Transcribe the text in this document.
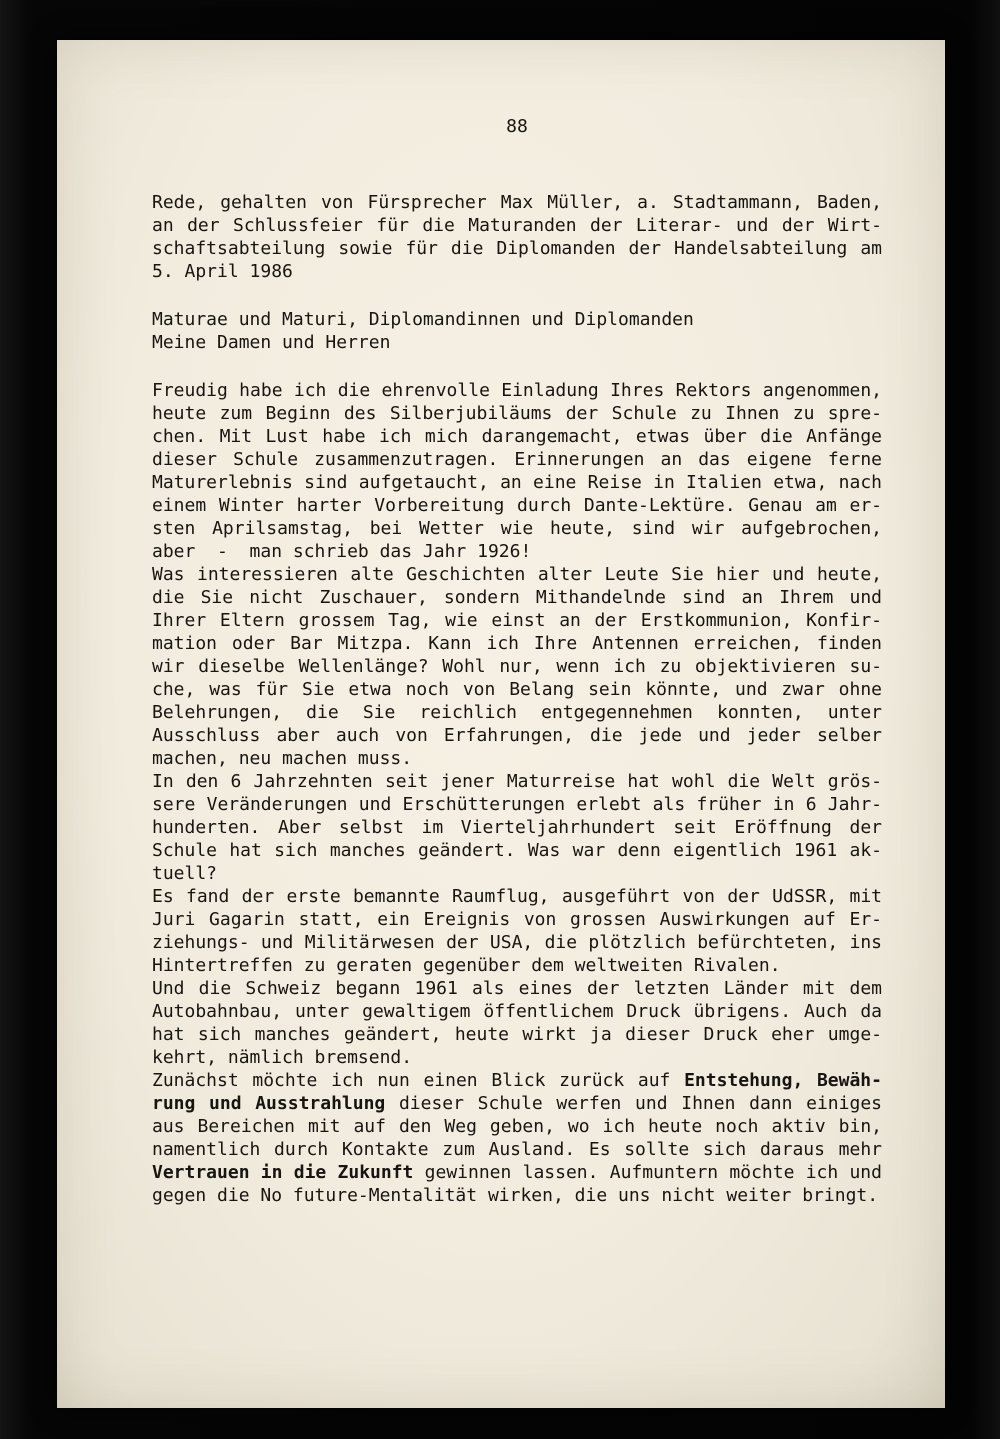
88
Rede, gehalten von Fürsprecher Max Müller, a. Stadtammann, Baden,
an der Schlussfeier für die Maturanden der Literar- und der Wirt-
schaftsabteilung sowie für die Diplomanden der Handelsabteilung am
5. April 1986
Maturae und Maturi, Diplomandinnen und Diplomanden
Meine Damen und Herren
Freudig habe ich die ehrenvolle Einladung Ihres Rektors angenommen,
heute zum Beginn des Silberjubiläums der Schule zu Ihnen zu spre-
chen. Mit Lust habe ich mich darangemacht, etwas über die Anfänge
dieser Schule zusammenzutragen. Erinnerungen an das eigene ferne
Maturerlebnis sind aufgetaucht, an eine Reise in Italien etwa, nach
einem Winter harter Vorbereitung durch Dante-Lektüre. Genau am er-
sten Aprilsamstag, bei Wetter wie heute, sind wir aufgebrochen,
aber  -  man schrieb das Jahr 1926!
Was interessieren alte Geschichten alter Leute Sie hier und heute,
die Sie nicht Zuschauer, sondern Mithandelnde sind an Ihrem und
Ihrer Eltern grossem Tag, wie einst an der Erstkommunion, Konfir-
mation oder Bar Mitzpa. Kann ich Ihre Antennen erreichen, finden
wir dieselbe Wellenlänge? Wohl nur, wenn ich zu objektivieren su-
che, was für Sie etwa noch von Belang sein könnte, und zwar ohne
Belehrungen, die Sie reichlich entgegennehmen konnten, unter
Ausschluss aber auch von Erfahrungen, die jede und jeder selber
machen, neu machen muss.
In den 6 Jahrzehnten seit jener Maturreise hat wohl die Welt grös-
sere Veränderungen und Erschütterungen erlebt als früher in 6 Jahr-
hunderten. Aber selbst im Vierteljahrhundert seit Eröffnung der
Schule hat sich manches geändert. Was war denn eigentlich 1961 ak-
tuell?
Es fand der erste bemannte Raumflug, ausgeführt von der UdSSR, mit
Juri Gagarin statt, ein Ereignis von grossen Auswirkungen auf Er-
ziehungs- und Militärwesen der USA, die plötzlich befürchteten, ins
Hintertreffen zu geraten gegenüber dem weltweiten Rivalen.
Und die Schweiz begann 1961 als eines der letzten Länder mit dem
Autobahnbau, unter gewaltigem öffentlichem Druck übrigens. Auch da
hat sich manches geändert, heute wirkt ja dieser Druck eher umge-
kehrt, nämlich bremsend.
Zunächst möchte ich nun einen Blick zurück auf Entstehung, Bewäh-
rung und Ausstrahlung dieser Schule werfen und Ihnen dann einiges
aus Bereichen mit auf den Weg geben, wo ich heute noch aktiv bin,
namentlich durch Kontakte zum Ausland. Es sollte sich daraus mehr
Vertrauen in die Zukunft gewinnen lassen. Aufmuntern möchte ich und
gegen die No future-Mentalität wirken, die uns nicht weiter bringt.
